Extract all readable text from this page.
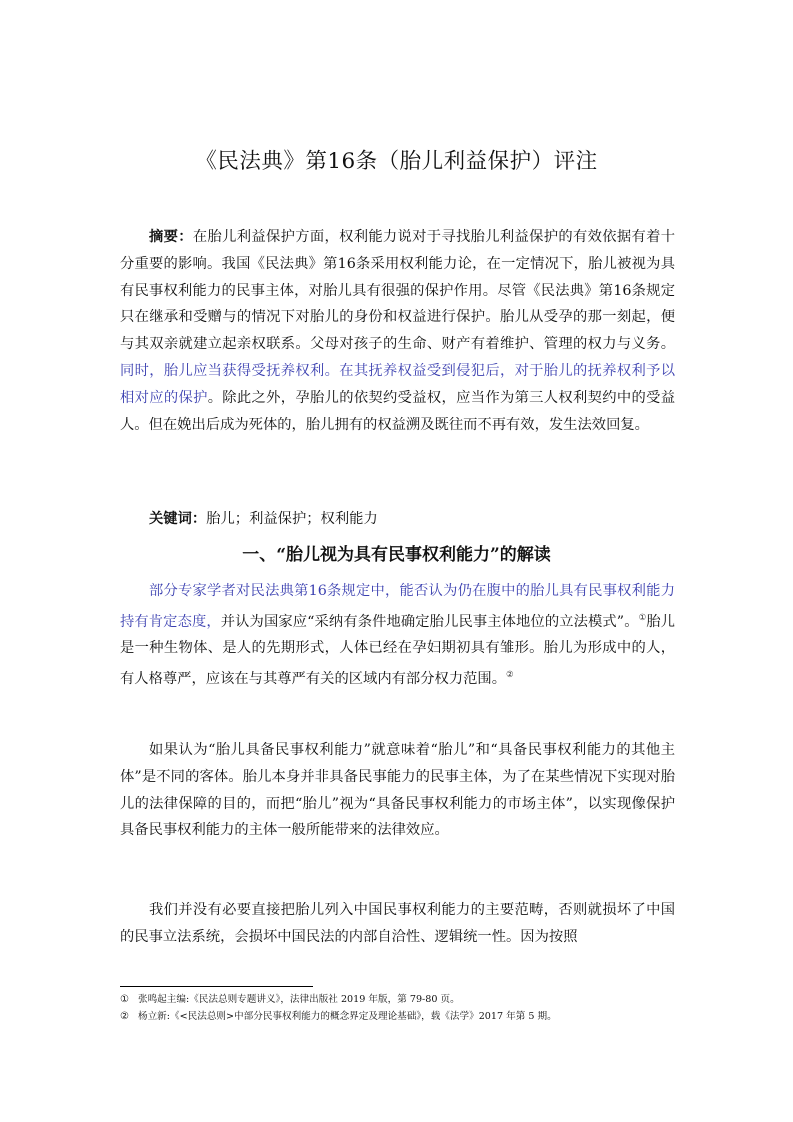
《民法典》第16条（胎儿利益保护）评注

摘要：在胎儿利益保护方面，权利能力说对于寻找胎儿利益保护的有效依据有着十分重要的影响。我国《民法典》第16条采用权利能力论，在一定情况下，胎儿被视为具有民事权利能力的民事主体，对胎儿具有很强的保护作用。尽管《民法典》第16条规定只在继承和受赠与的情况下对胎儿的身份和权益进行保护。胎儿从受孕的那一刻起，便与其双亲就建立起亲权联系。父母对孩子的生命、财产有着维护、管理的权力与义务。同时，胎儿应当获得受抚养权利。在其抚养权益受到侵犯后，对于胎儿的抚养权利予以相对应的保护。除此之外，孕胎儿的依契约受益权，应当作为第三人权利契约中的受益人。但在娩出后成为死体的，胎儿拥有的权益溯及既往而不再有效，发生法效回复。

关键词：胎儿；利益保护；权利能力

一、“胎儿视为具有民事权利能力”的解读

部分专家学者对民法典第16条规定中，能否认为仍在腹中的胎儿具有民事权利能力持有肯定态度，并认为国家应“采纳有条件地确定胎儿民事主体地位的立法模式”。①胎儿是一种生物体、是人的先期形式，人体已经在孕妇期初具有雏形。胎儿为形成中的人，有人格尊严，应该在与其尊严有关的区域内有部分权力范围。②

如果认为“胎儿具备民事权利能力”就意味着“胎儿”和“具备民事权利能力的其他主体”是不同的客体。胎儿本身并非具备民事能力的民事主体，为了在某些情况下实现对胎儿的法律保障的目的，而把“胎儿”视为“具备民事权利能力的市场主体”，以实现像保护具备民事权利能力的主体一般所能带来的法律效应。

我们并没有必要直接把胎儿列入中国民事权利能力的主要范畴，否则就损坏了中国的民事立法系统，会损坏中国民法的内部自洽性、逻辑统一性。因为按照

① 张鸣起主编:《民法总则专题讲义》，法律出版社 2019 年版，第 79-80 页。
② 杨立新:《<民法总则>中部分民事权利能力的概念界定及理论基础》，载《法学》2017 年第 5 期。
